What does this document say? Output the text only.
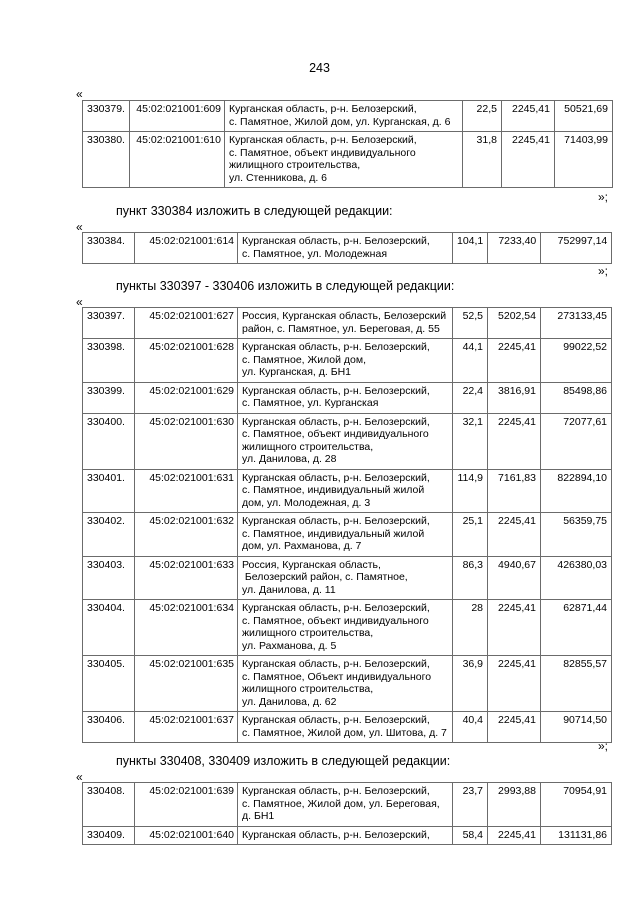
243
«
330379.	45:02:021001:609	Курганская область, р-н. Белозерский,
с. Памятное, Жилой дом, ул. Курганская, д. 6	22,5	2245,41	50521,69
330380.	45:02:021001:610	Курганская область, р-н. Белозерский,
с. Памятное, объект индивидуального
жилищного строительства,
ул. Стенникова, д. 6	31,8	2245,41	71403,99
»;
пункт 330384 изложить в следующей редакции:
«
330384.	45:02:021001:614	Курганская область, р-н. Белозерский,
с. Памятное, ул. Молодежная
	104,1	7233,40	752997,14
»;
пункты 330397 - 330406 изложить в следующей редакции:
«
330397.	45:02:021001:627	Россия, Курганская область, Белозерский
район, с. Памятное, ул. Береговая, д. 55	52,5	5202,54	273133,45
330398.	45:02:021001:628	Курганская область, р-н. Белозерский,
с. Памятное, Жилой дом,
ул. Курганская, д. БН1	44,1	2245,41	99022,52
330399.	45:02:021001:629	Курганская область, р-н. Белозерский,
с. Памятное, ул. Курганская	22,4	3816,91	85498,86
330400.	45:02:021001:630	Курганская область, р-н. Белозерский,
с. Памятное, объект индивидуального
жилищного строительства,
ул. Данилова, д. 28	32,1	2245,41	72077,61
330401.	45:02:021001:631	Курганская область, р-н. Белозерский,
с. Памятное, индивидуальный жилой
дом, ул. Молодежная, д. 3	114,9	7161,83	822894,10
330402.	45:02:021001:632	Курганская область, р-н. Белозерский,
с. Памятное, индивидуальный жилой
дом, ул. Рахманова, д. 7	25,1	2245,41	56359,75
330403.	45:02:021001:633	Россия, Курганская область,
Белозерский район, с. Памятное,
ул. Данилова, д. 11	86,3	4940,67	426380,03
330404.	45:02:021001:634	Курганская область, р-н. Белозерский,
с. Памятное, объект индивидуального
жилищного строительства,
ул. Рахманова, д. 5	28	2245,41	62871,44
330405.	45:02:021001:635	Курганская область, р-н. Белозерский,
с. Памятное, Объект индивидуального
жилищного строительства,
ул. Данилова, д. 62	36,9	2245,41	82855,57
330406.	45:02:021001:637	Курганская область, р-н. Белозерский,
с. Памятное, Жилой дом, ул. Шитова, д. 7	40,4	2245,41	90714,50
»;
пункты 330408, 330409 изложить в следующей редакции:
«
330408.	45:02:021001:639	Курганская область, р-н. Белозерский,
с. Памятное, Жилой дом, ул. Береговая,
д. БН1	23,7	2993,88	70954,91
330409.	45:02:021001:640	Курганская область, р-н. Белозерский,	58,4	2245,41	131131,86
